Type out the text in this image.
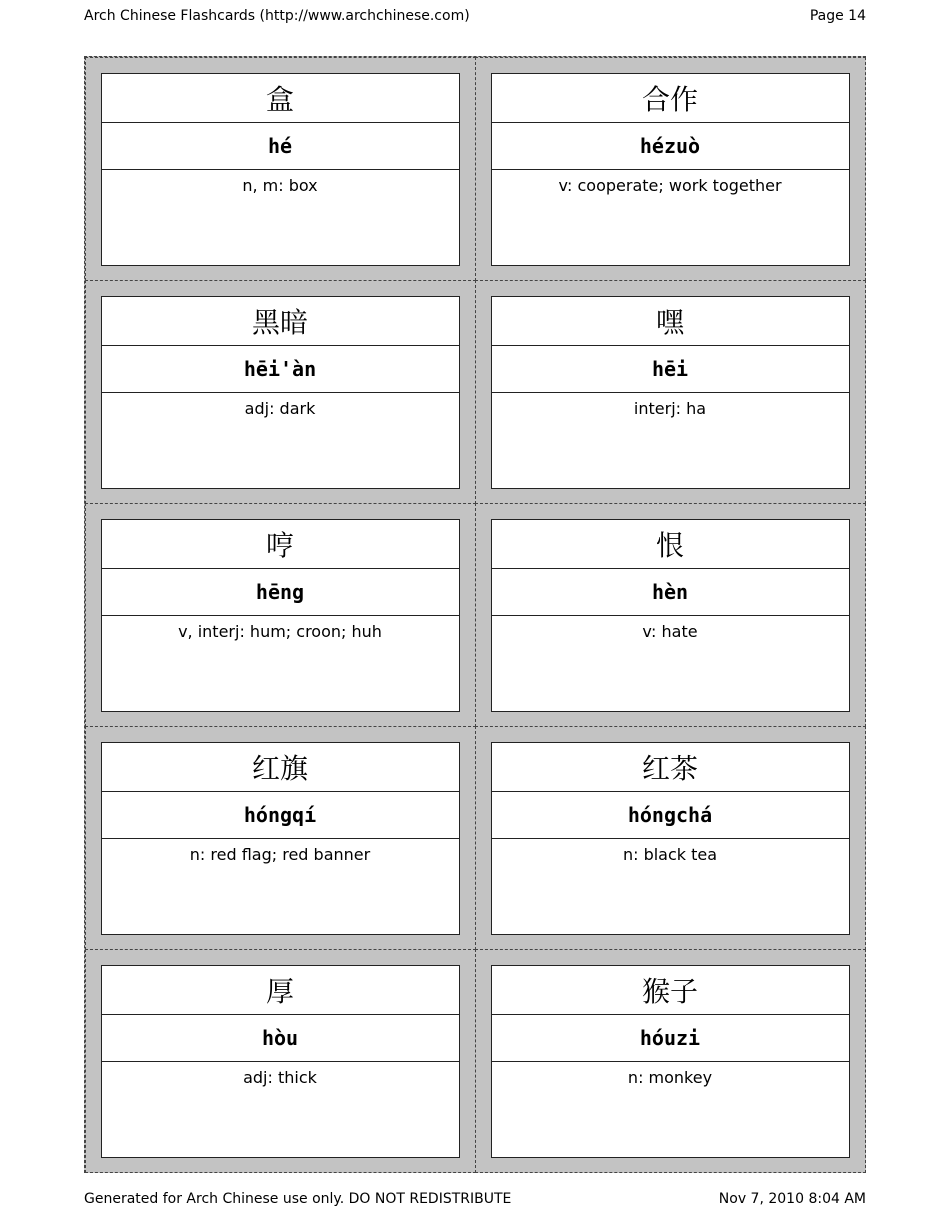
Arch Chinese Flashcards (http://www.archchinese.com)	Page 14
盒
hé
n, m: box
合作
hézuò
v: cooperate; work together
黑暗
hēi'àn
adj: dark
嘿
hēi
interj: ha
哼
hēng
v, interj: hum; croon; huh
恨
hèn
v: hate
红旗
hóngqí
n: red flag; red banner
红茶
hóngchá
n: black tea
厚
hòu
adj: thick
猴子
hóuzi
n: monkey
Generated for Arch Chinese use only. DO NOT REDISTRIBUTE	Nov 7, 2010 8:04 AM
